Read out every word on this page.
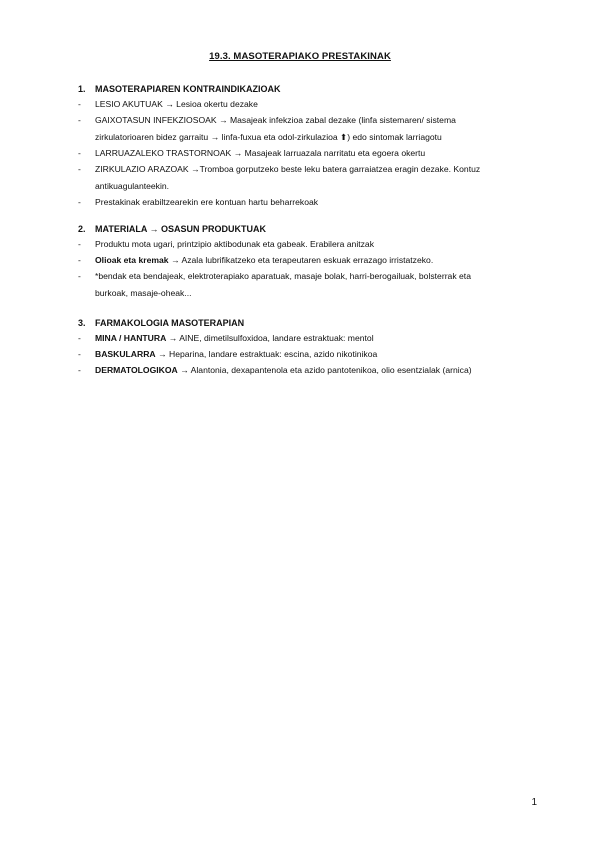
19.3. MASOTERAPIAKO PRESTAKINAK
1. MASOTERAPIAREN KONTRAINDIKAZIOAK
- LESIO AKUTUAK → Lesioa okertu dezake
- GAIXOTASUN INFEKZIOSOAK → Masajeak infekzioa zabal dezake (linfa sistemaren/ sistema
zirkulatorioaren bidez garraitu → linfa-fuxua eta odol-zirkulazioa ⬆) edo sintomak larriagotu
- LARRUAZALEKO TRASTORNOAK → Masajeak larruazala narritatu eta egoera okertu
- ZIRKULAZIO ARAZOAK →Tromboa gorputzeko beste leku batera garraiatzea eragin dezake. Kontuz
antikuagulanteekin.
- Prestakinak erabiltzearekin ere kontuan hartu beharrekoak
2. MATERIALA → OSASUN PRODUKTUAK
- Produktu mota ugari, printzipio aktibodunak eta gabeak. Erabilera anitzak
- Olioak eta kremak → Azala lubrifikatzeko eta terapeutaren eskuak errazago irristatzeko.
- *bendak eta bendajeak, elektroterapiako aparatuak, masaje bolak, harri-berogailuak, bolsterrak eta
burkoak, masaje-oheak...
3. FARMAKOLOGIA MASOTERAPIAN
- MINA / HANTURA → AINE, dimetilsulfoxidoa, landare estraktuak: mentol
- BASKULARRA → Heparina, landare estraktuak: escina, azido nikotinikoa
- DERMATOLOGIKOA → Alantonia, dexapantenola eta azido pantotenikoa, olio esentzialak (arnica)
1
